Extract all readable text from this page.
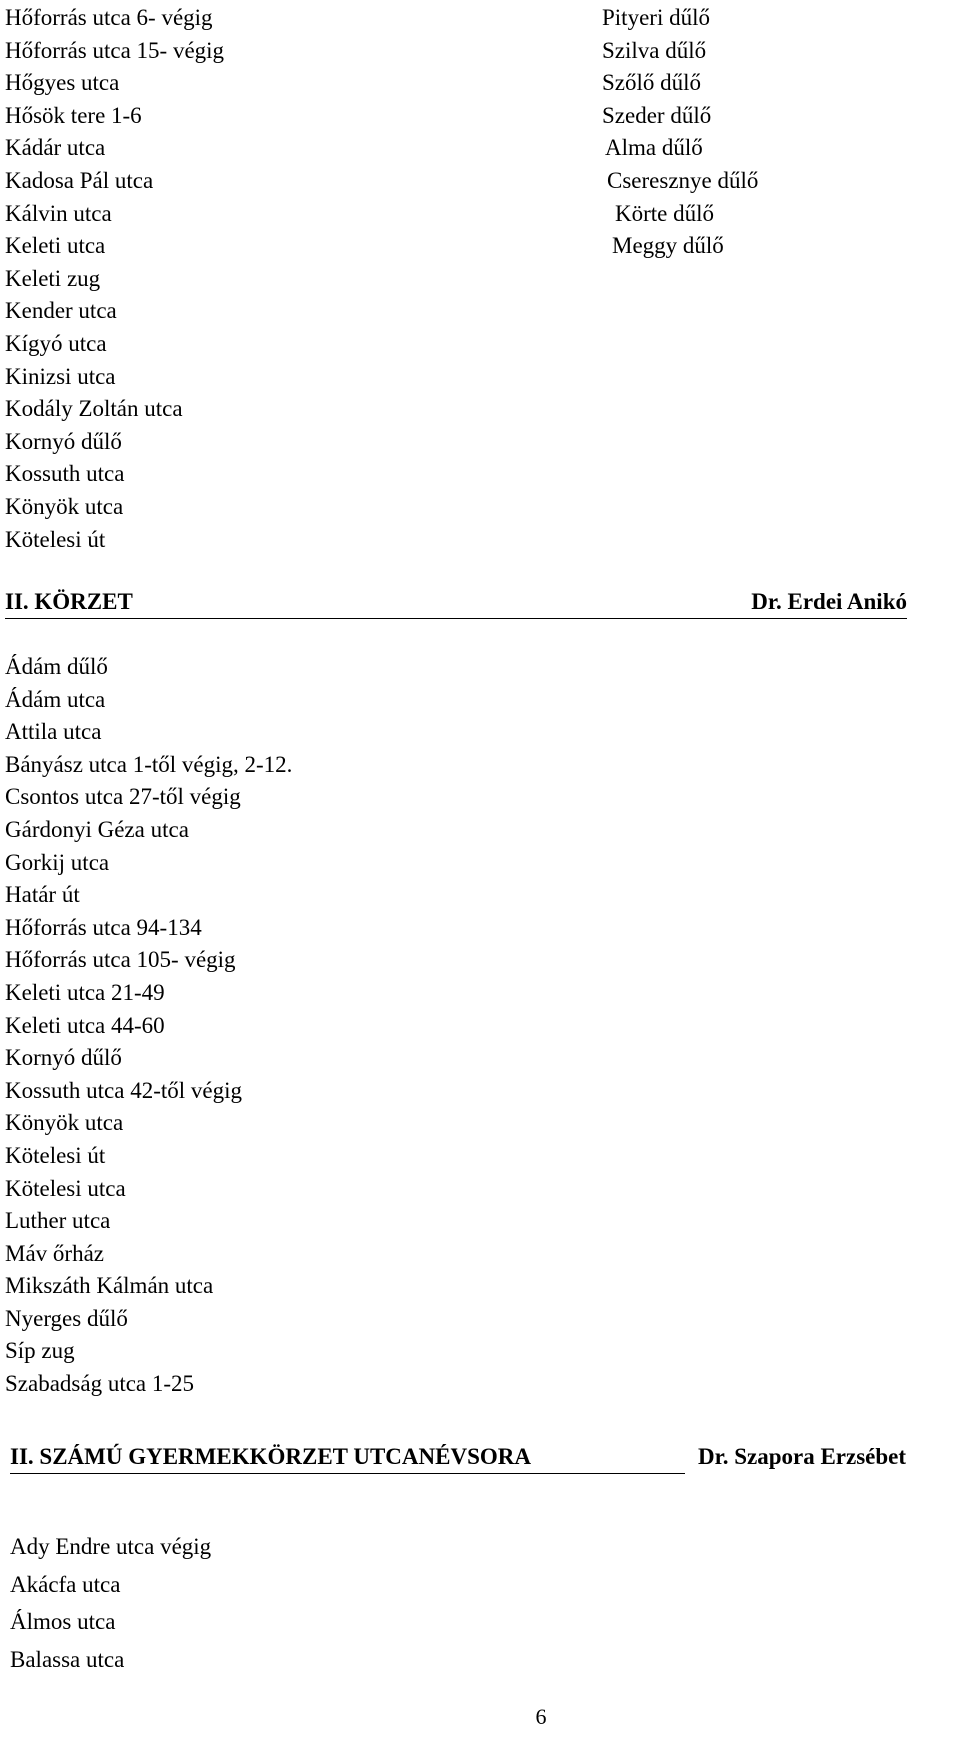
Hőforrás utca 6- végig
Hőforrás utca 15- végig
Hőgyes utca
Hősök tere 1-6
Kádár utca
Kadosa Pál utca
Kálvin utca
Keleti utca
Keleti zug
Kender utca
Kígyó utca
Kinizsi utca
Kodály Zoltán utca
Kornyó dűlő
Kossuth utca
Könyök utca
Kötelesi út
Pityeri dűlő
Szilva dűlő
Szőlő dűlő
Szeder dűlő
Alma dűlő
Cseresznye dűlő
Körte dűlő
Meggy dűlő
II. KÖRZET	Dr. Erdei Anikó
Ádám dűlő
Ádám utca
Attila utca
Bányász utca 1-től végig, 2-12.
Csontos utca 27-től végig
Gárdonyi Géza utca
Gorkij utca
Határ út
Hőforrás utca 94-134
Hőforrás utca 105- végig
Keleti utca 21-49
Keleti utca 44-60
Kornyó dűlő
Kossuth utca 42-től végig
Könyök utca
Kötelesi út
Kötelesi utca
Luther utca
Máv őrház
Mikszáth Kálmán utca
Nyerges dűlő
Síp zug
Szabadság utca 1-25
II. SZÁMÚ GYERMEKKÖRZET UTCANÉVSORA	Dr. Szapora Erzsébet
Ady Endre utca végig
Akácfa utca
Álmos utca
Balassa utca
6
